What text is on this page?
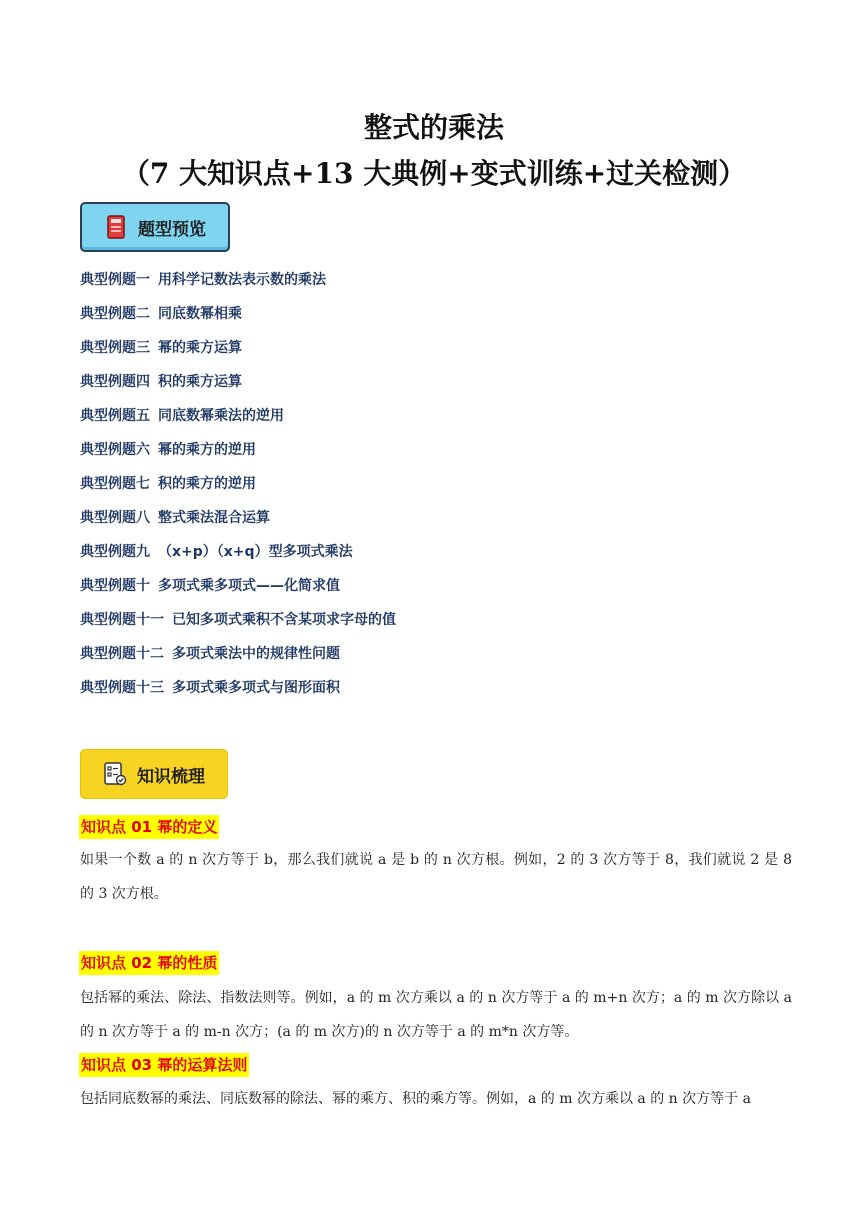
整式的乘法
（7 大知识点+13 大典例+变式训练+过关检测）
题型预览
典型例题一 用科学记数法表示数的乘法
典型例题二 同底数幂相乘
典型例题三 幂的乘方运算
典型例题四 积的乘方运算
典型例题五 同底数幂乘法的逆用
典型例题六 幂的乘方的逆用
典型例题七 积的乘方的逆用
典型例题八 整式乘法混合运算
典型例题九 （x+p）（x+q）型多项式乘法
典型例题十 多项式乘多项式——化简求值
典型例题十一 已知多项式乘积不含某项求字母的值
典型例题十二 多项式乘法中的规律性问题
典型例题十三 多项式乘多项式与图形面积
知识梳理
知识点 01 幂的定义
如果一个数 a 的 n 次方等于 b，那么我们就说 a 是 b 的 n 次方根。例如，2 的 3 次方等于 8，我们就说 2 是 8 的 3 次方根。
知识点 02 幂的性质
包括幂的乘法、除法、指数法则等。例如，a 的 m 次方乘以 a 的 n 次方等于 a 的 m+n 次方；a 的 m 次方除以 a 的 n 次方等于 a 的 m-n 次方；(a 的 m 次方)的 n 次方等于 a 的 m*n 次方等。
知识点 03 幂的运算法则
包括同底数幂的乘法、同底数幂的除法、幂的乘方、积的乘方等。例如，a 的 m 次方乘以 a 的 n 次方等于 a
